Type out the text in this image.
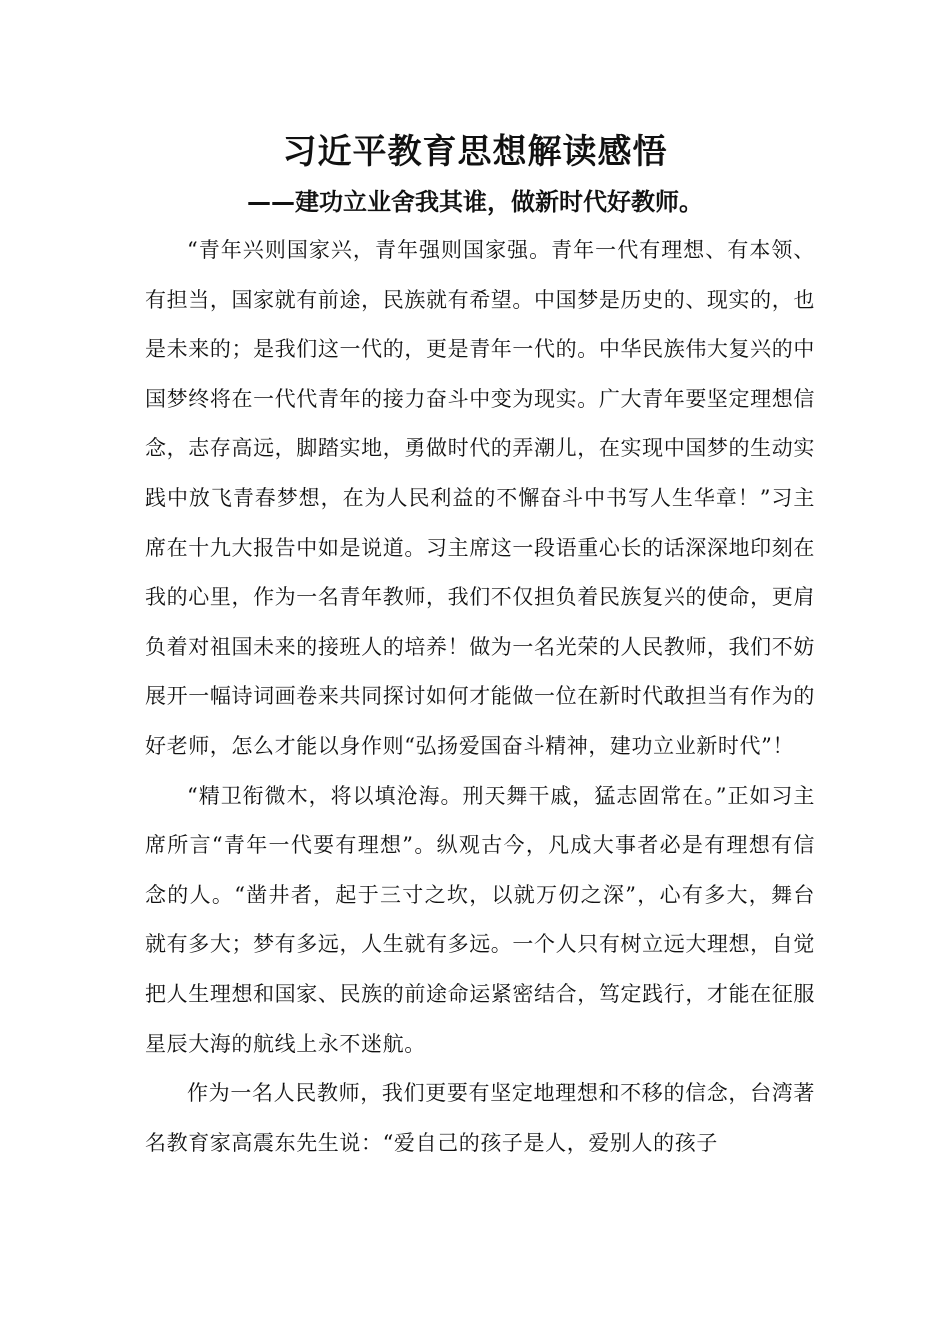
习近平教育思想解读感悟
——建功立业舍我其谁，做新时代好教师。

“青年兴则国家兴，青年强则国家强。青年一代有理想、有本领、有担当，国家就有前途，民族就有希望。中国梦是历史的、现实的，也是未来的；是我们这一代的，更是青年一代的。中华民族伟大复兴的中国梦终将在一代代青年的接力奋斗中变为现实。广大青年要坚定理想信念，志存高远，脚踏实地，勇做时代的弄潮儿，在实现中国梦的生动实践中放飞青春梦想，在为人民利益的不懈奋斗中书写人生华章！”习主席在十九大报告中如是说道。习主席这一段语重心长的话深深地印刻在我的心里，作为一名青年教师，我们不仅担负着民族复兴的使命，更肩负着对祖国未来的接班人的培养！做为一名光荣的人民教师，我们不妨展开一幅诗词画卷来共同探讨如何才能做一位在新时代敢担当有作为的好老师，怎么才能以身作则“弘扬爱国奋斗精神，建功立业新时代”！

“精卫衔微木，将以填沧海。刑天舞干戚，猛志固常在。”正如习主席所言“青年一代要有理想”。纵观古今，凡成大事者必是有理想有信念的人。“凿井者，起于三寸之坎，以就万仞之深”，心有多大，舞台就有多大；梦有多远，人生就有多远。一个人只有树立远大理想，自觉把人生理想和国家、民族的前途命运紧密结合，笃定践行，才能在征服星辰大海的航线上永不迷航。

作为一名人民教师，我们更要有坚定地理想和不移的信念，台湾著名教育家高震东先生说：“爱自己的孩子是人，爱别人的孩子
